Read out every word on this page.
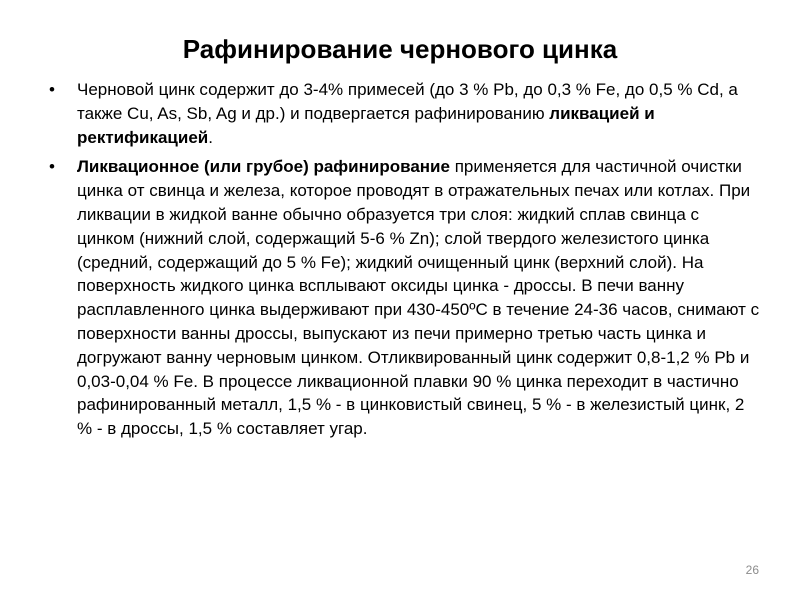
Рафинирование чернового цинка
• Черновой цинк содержит до 3-4% примесей (до 3 % Pb, до 0,3 % Fe, до 0,5 % Cd, а также Cu, As, Sb, Ag и др.) и подвергается рафинированию ликвацией и ректификацией.
• Ликвационное (или грубое) рафинирование применяется для частичной очистки цинка от свинца и железа, которое проводят в отражательных печах или котлах. При ликвации в жидкой ванне обычно образуется три слоя: жидкий сплав свинца с цинком (нижний слой, содержащий 5-6 % Zn); слой твердого железистого цинка (средний, содержащий до 5 % Fe); жидкий очищенный цинк (верхний слой). На поверхность жидкого цинка всплывают оксиды цинка - дроссы. В печи ванну расплавленного цинка выдерживают при 430-450ºС в течение 24-36 часов, снимают с поверхности ванны дроссы, выпускают из печи примерно третью часть цинка и догружают ванну черновым цинком. Отликвированный цинк содержит 0,8-1,2 % Pb и 0,03-0,04 % Fe. В процессе ликвационной плавки 90 % цинка переходит в частично рафинированный металл, 1,5 % - в цинковистый свинец, 5 % - в железистый цинк, 2 % - в дроссы, 1,5 % составляет угар.
26
